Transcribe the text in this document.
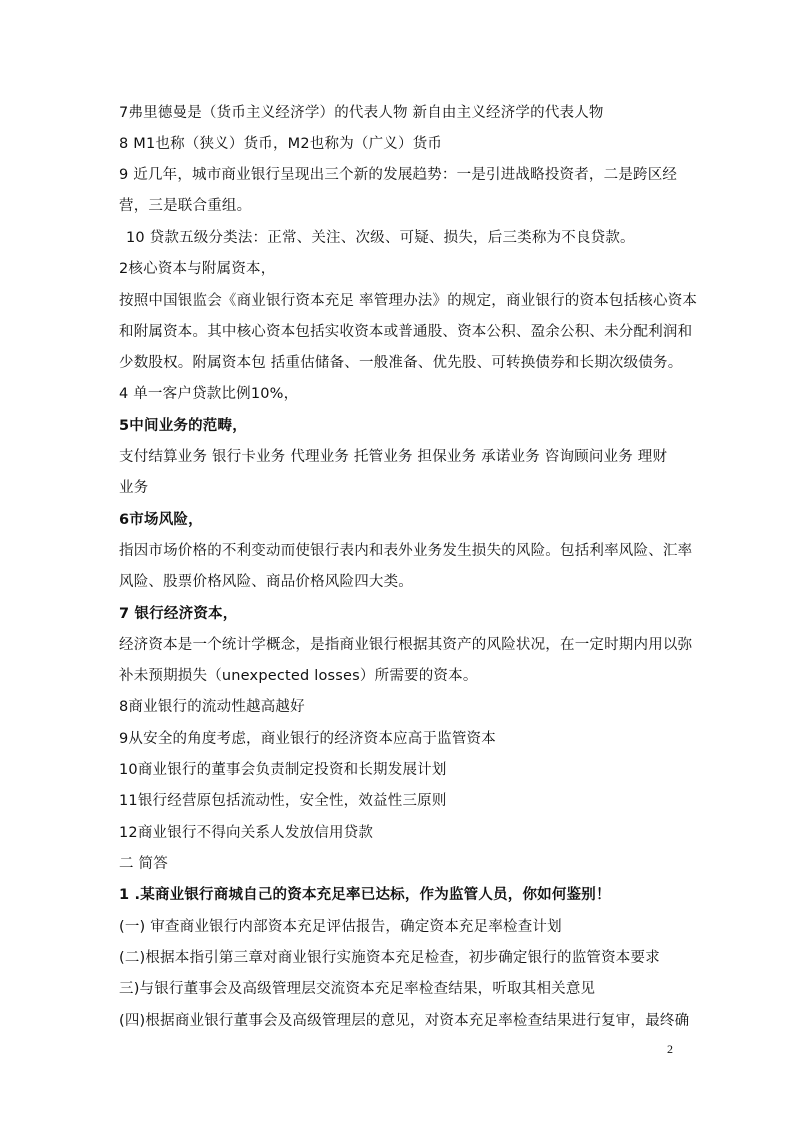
7弗里德曼是（货币主义经济学）的代表人物 新自由主义经济学的代表人物
8 M1也称（狭义）货币，M2也称为（广义）货币
9 近几年，城市商业银行呈现出三个新的发展趋势：一是引进战略投资者，二是跨区经
营，三是联合重组。
10 贷款五级分类法：正常、关注、次级、可疑、损失，后三类称为不良贷款。
2核心资本与附属资本，
按照中国银监会《商业银行资本充足 率管理办法》的规定，商业银行的资本包括核心资本
和附属资本。其中核心资本包括实收资本或普通股、资本公积、盈余公积、未分配利润和
少数股权。附属资本包 括重估储备、一般准备、优先股、可转换债券和长期次级债务。
4 单一客户贷款比例10%，
5中间业务的范畴，
支付结算业务 银行卡业务 代理业务 托管业务 担保业务 承诺业务 咨询顾问业务 理财
业务
6市场风险，
指因市场价格的不利变动而使银行表内和表外业务发生损失的风险。包括利率风险、汇率
风险、股票价格风险、商品价格风险四大类。
7 银行经济资本，
经济资本是一个统计学概念，是指商业银行根据其资产的风险状况，在一定时期内用以弥
补未预期损失（unexpected losses）所需要的资本。
8商业银行的流动性越高越好
9从安全的角度考虑，商业银行的经济资本应高于监管资本
10商业银行的董事会负责制定投资和长期发展计划
11银行经营原包括流动性，安全性，效益性三原则
12商业银行不得向关系人发放信用贷款
二 简答
1 .某商业银行商城自己的资本充足率已达标，作为监管人员，你如何鉴别！
(一) 审查商业银行内部资本充足评估报告，确定资本充足率检查计划
(二)根据本指引第三章对商业银行实施资本充足检查，初步确定银行的监管资本要求
三)与银行董事会及高级管理层交流资本充足率检查结果，听取其相关意见
(四)根据商业银行董事会及高级管理层的意见，对资本充足率检查结果进行复审，最终确
2
